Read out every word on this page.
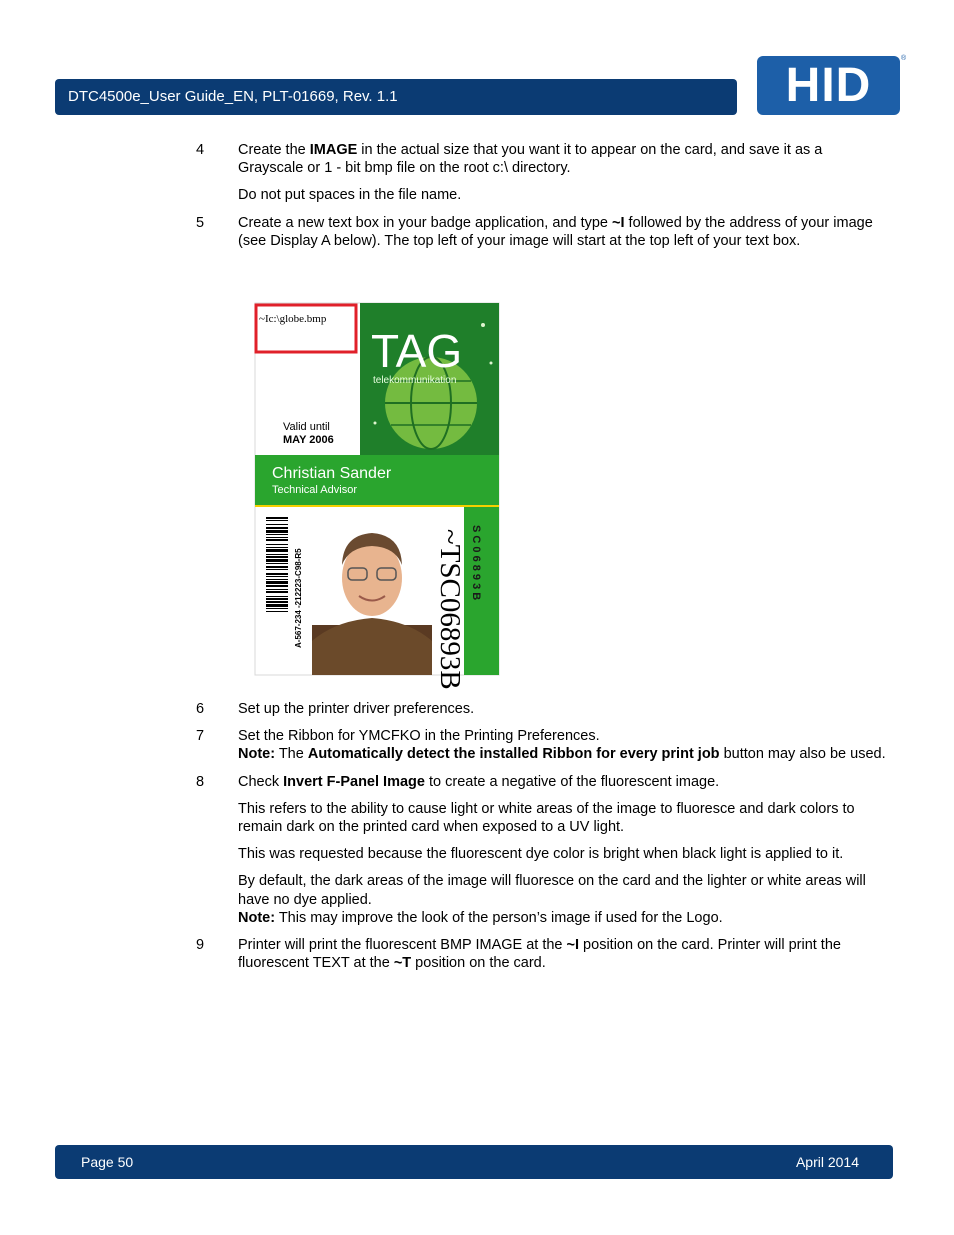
DTC4500e_User Guide_EN, PLT-01669, Rev. 1.1	HID
®
4	Create the IMAGE in the actual size that you want it to appear on the card, and save it as a Grayscale or 1 - bit bmp file on the root c:\ directory.
Do not put spaces in the file name.
5	Create a new text box in your badge application, and type ~I followed by the address of your image (see Display A below). The top left of your image will start at the top left of your text box.
TAG
telekommunikation
~Ic:\globe.bmp
Valid until
MAY 2006
Christian Sander
Technical Advisor
A-567-234 -212223-C98-R5	S C 0 6 8 9 3 B
~TSC06893B
6	Set up the printer driver preferences.
7	Set the Ribbon for YMCFKO in the Printing Preferences.
Note: The Automatically detect the installed Ribbon for every print job button may also be used.
8	Check Invert F-Panel Image to create a negative of the fluorescent image.
This refers to the ability to cause light or white areas of the image to fluoresce and dark colors to remain dark on the printed card when exposed to a UV light.
This was requested because the fluorescent dye color is bright when black light is applied to it.
By default, the dark areas of the image will fluoresce on the card and the lighter or white areas will have no dye applied.
Note: This may improve the look of the person’s image if used for the Logo.
9	Printer will print the fluorescent BMP IMAGE at the ~I position on the card. Printer will print the fluorescent TEXT at the ~T position on the card.
Page 50	April 2014
